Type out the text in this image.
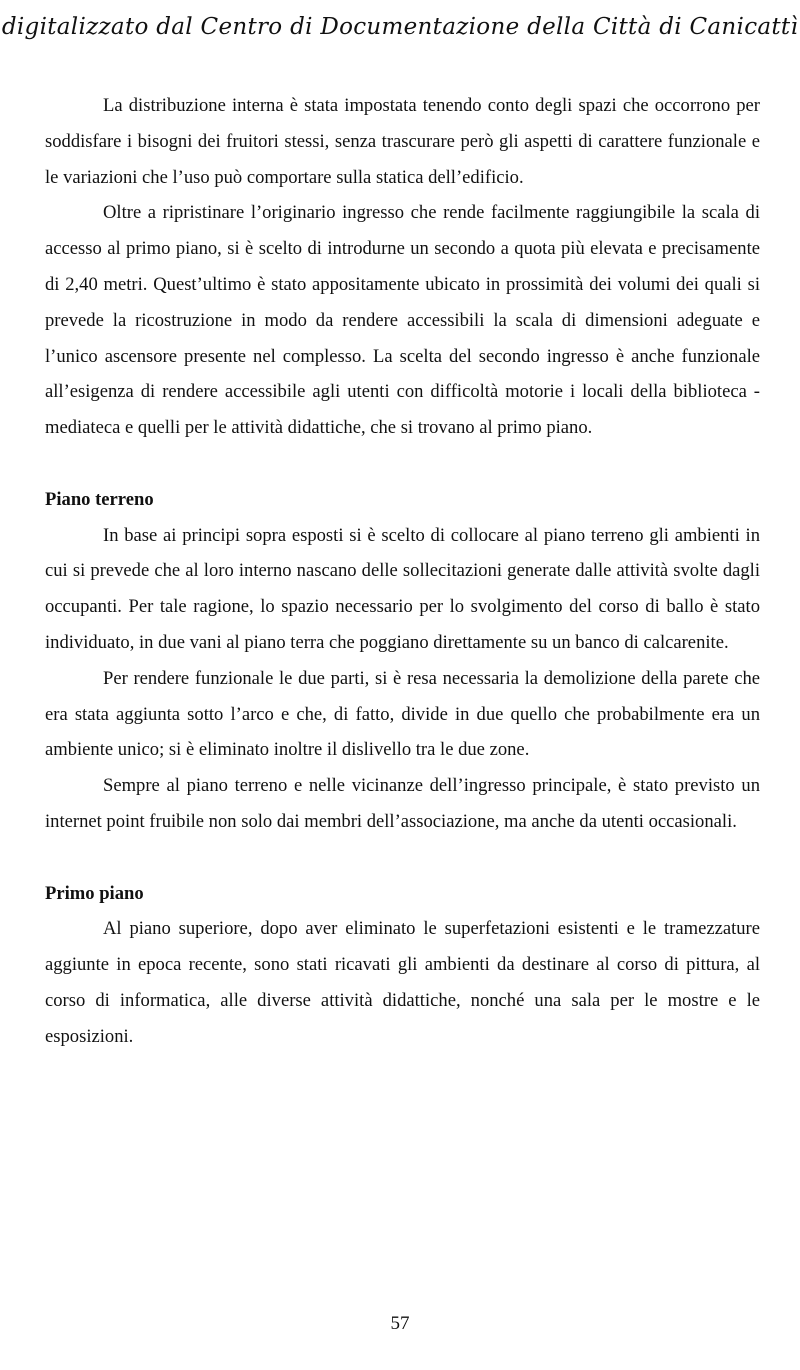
digitalizzato dal Centro di Documentazione della Città di Canicattì

La distribuzione interna è stata impostata tenendo conto degli spazi che occorrono per soddisfare i bisogni dei fruitori stessi, senza trascurare però gli aspetti di carattere funzionale e le variazioni che l’uso può comportare sulla statica dell’edificio.

Oltre a ripristinare l’originario ingresso che rende facilmente raggiungibile la scala di accesso al primo piano, si è scelto di introdurne un secondo a quota più elevata e precisamente di 2,40 metri. Quest’ultimo è stato appositamente ubicato in prossimità dei volumi dei quali si prevede la ricostruzione in modo da rendere accessibili la scala di dimensioni adeguate e l’unico ascensore presente nel complesso. La scelta del secondo ingresso è anche funzionale all’esigenza di rendere accessibile agli utenti con difficoltà motorie i locali della biblioteca - mediateca e quelli per le attività didattiche, che si trovano al primo piano.

Piano terreno

In base ai principi sopra esposti si è scelto di collocare al piano terreno gli ambienti in cui si prevede che al loro interno nascano delle sollecitazioni generate dalle attività svolte dagli occupanti. Per tale ragione, lo spazio necessario per lo svolgimento del corso di ballo è stato individuato, in due vani al piano terra che poggiano direttamente su un banco di calcarenite.

Per rendere funzionale le due parti, si è resa necessaria la demolizione della parete che era stata aggiunta sotto l’arco e che, di fatto, divide in due quello che probabilmente era un ambiente unico; si è eliminato inoltre il dislivello tra le due zone.

Sempre al piano terreno e nelle vicinanze dell’ingresso principale, è stato previsto un internet point fruibile non solo dai membri dell’associazione, ma anche da utenti occasionali.

Primo piano

Al piano superiore, dopo aver eliminato le superfetazioni esistenti e le tramezzature aggiunte in epoca recente, sono stati ricavati gli ambienti da destinare al corso di pittura, al corso di informatica, alle diverse attività didattiche, nonché una sala per le mostre e le esposizioni.

57
